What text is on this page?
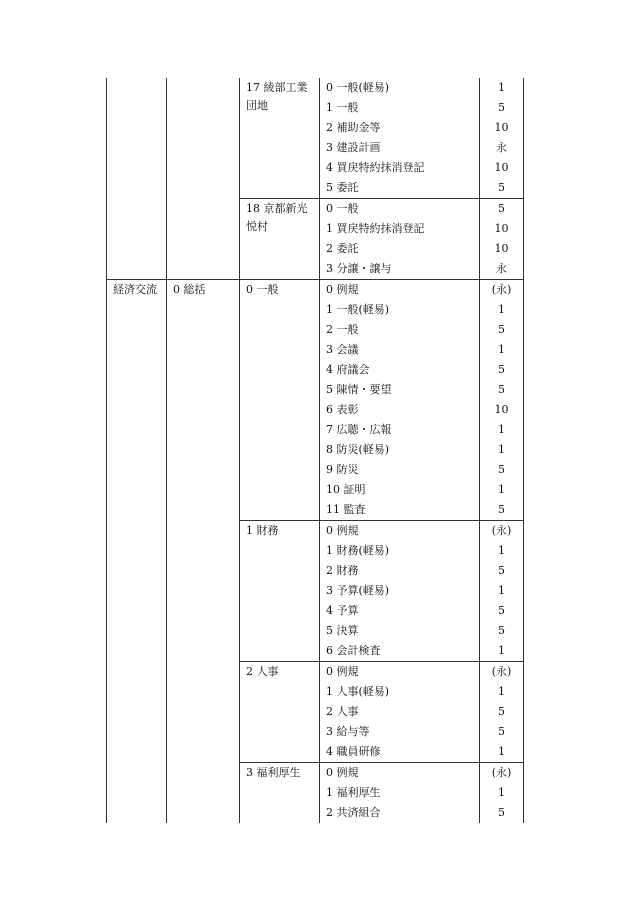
		17 綾部工業団地	0 一般(軽易)	1
			1 一般	5
			2 補助金等	10
			3 建設計画	永
			4 買戻特約抹消登記	10
			5 委託	5
		18 京都新光悦村	0 一般	5
			1 買戻特約抹消登記	10
			2 委託	10
			3 分譲・譲与	永
経済交流	0 総括	0 一般	0 例規	(永)
			1 一般(軽易)	1
			2 一般	5
			3 会議	1
			4 府議会	5
			5 陳情・要望	5
			6 表彰	10
			7 広聴・広報	1
			8 防災(軽易)	1
			9 防災	5
			10 証明	1
			11 監査	5
		1 財務	0 例規	(永)
			1 財務(軽易)	1
			2 財務	5
			3 予算(軽易)	1
			4 予算	5
			5 決算	5
			6 会計検査	1
		2 人事	0 例規	(永)
			1 人事(軽易)	1
			2 人事	5
			3 給与等	5
			4 職員研修	1
		3 福利厚生	0 例規	(永)
			1 福利厚生	1
			2 共済組合	5
